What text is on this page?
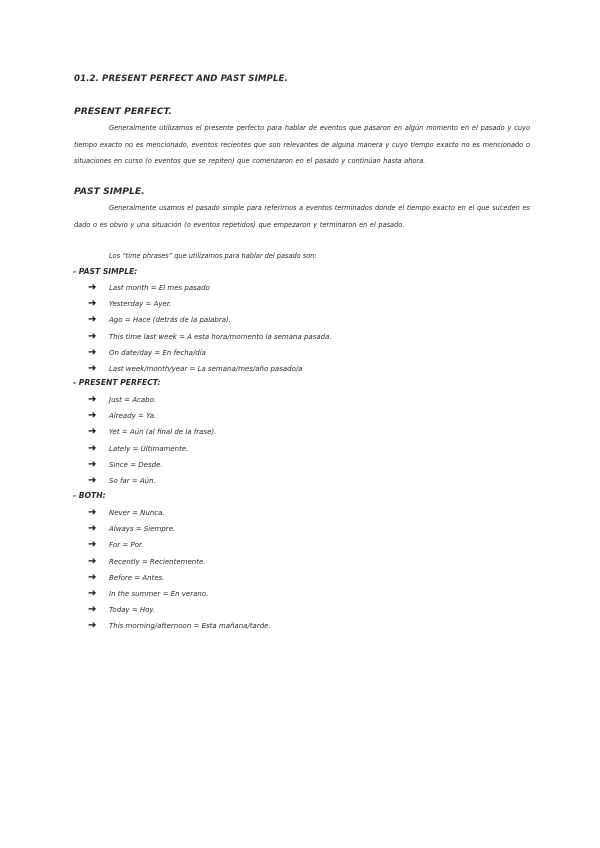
01.2. PRESENT PERFECT AND PAST SIMPLE.
PRESENT PERFECT.
Generalmente utilizamos el presente perfecto para hablar de eventos que pasaron en algún momento en el pasado y cuyo tiempo exacto no es mencionado, eventos recientes que son relevantes de alguna manera y cuyo tiempo exacto no es mencionado o situaciones en curso (o eventos que se repiten) que comenzaron en el pasado y continúan hasta ahora.
PAST SIMPLE.
Generalmente usamos el pasado simple para referirnos a eventos terminados donde el tiempo exacto en el que suceden es dado o es obvio y una situación (o eventos repetidos) que empezaron y terminaron en el pasado.
Los “time phrases” que utilizamos para hablar del pasado son:
- PAST SIMPLE:
➔	Last month = El mes pasado
➔	Yesterday = Ayer.
➔	Ago = Hace (detrás de la palabra).
➔	This time last week = A esta hora/momento la semana pasada.
➔	On date/day = En fecha/día
➔	Last week/month/year = La semana/mes/año pasado/a
- PRESENT PERFECT:
➔	Just = Acabo.
➔	Already = Ya.
➔	Yet = Aún (al final de la frase).
➔	Lately = Últimamente.
➔	Since = Desde.
➔	So far = Aún.
- BOTH:
➔	Never = Nunca.
➔	Always = Siempre.
➔	For = Por.
➔	Recently = Recientemente.
➔	Before = Antes.
➔	In the summer = En verano.
➔	Today = Hoy.
➔	This morning/afternoon = Esta mañana/tarde.
